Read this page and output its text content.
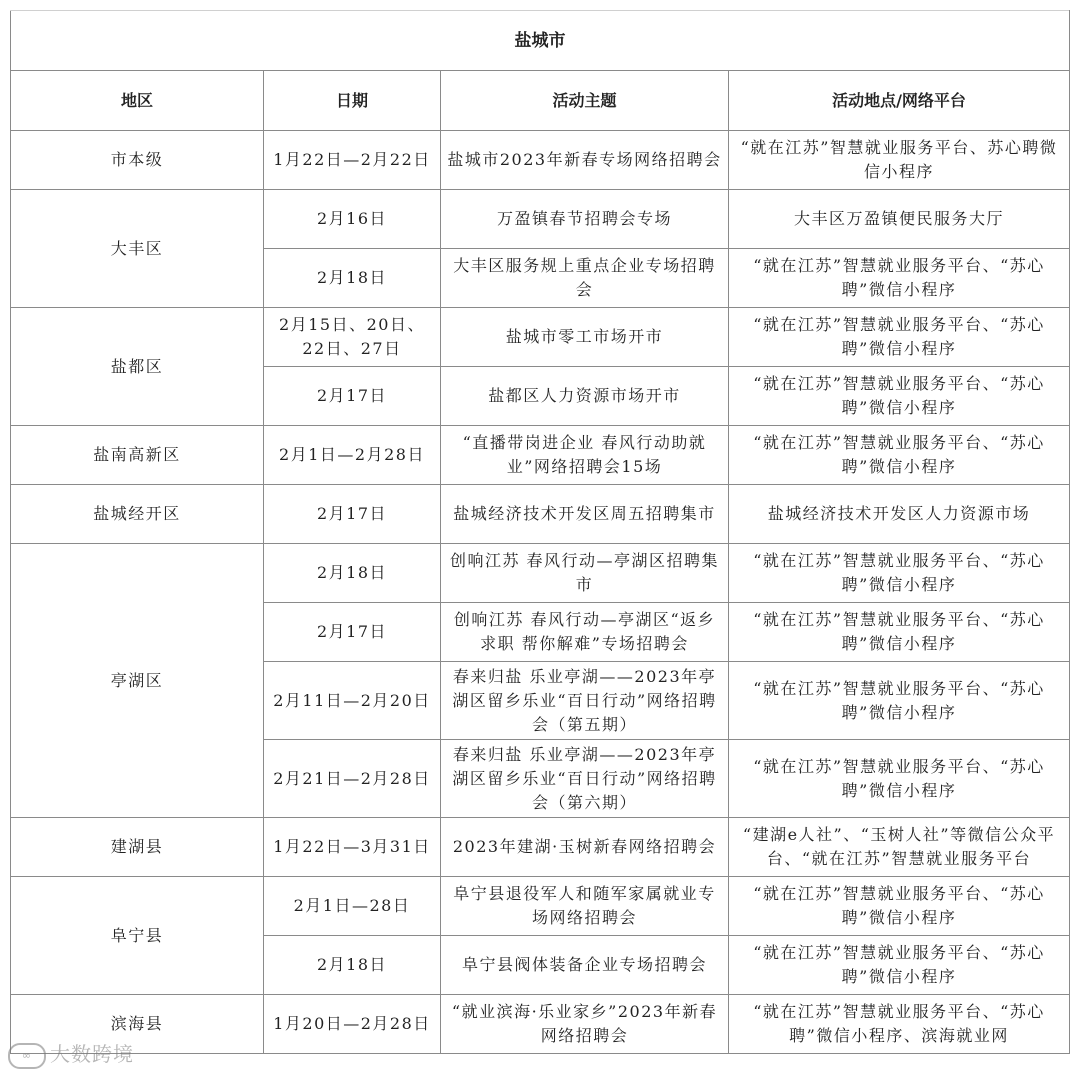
盐城市			
地区	日期	活动主题	活动地点/网络平台
市本级	1月22日—2月22日	盐城市2023年新春专场网络招聘会	“就在江苏”智慧就业服务平台、苏心聘微信小程序
大丰区	2月16日	万盈镇春节招聘会专场	大丰区万盈镇便民服务大厅
	2月18日	大丰区服务规上重点企业专场招聘会	“就在江苏”智慧就业服务平台、“苏心聘”微信小程序
盐都区	2月15日、20日、22日、27日	盐城市零工市场开市	“就在江苏”智慧就业服务平台、“苏心聘”微信小程序
	2月17日	盐都区人力资源市场开市	“就在江苏”智慧就业服务平台、“苏心聘”微信小程序
盐南高新区	2月1日—2月28日	“直播带岗进企业 春风行动助就业”网络招聘会15场	“就在江苏”智慧就业服务平台、“苏心聘”微信小程序
盐城经开区	2月17日	盐城经济技术开发区周五招聘集市	盐城经济技术开发区人力资源市场
亭湖区	2月18日	创响江苏 春风行动—亭湖区招聘集市	“就在江苏”智慧就业服务平台、“苏心聘”微信小程序
	2月17日	创响江苏 春风行动—亭湖区“返乡求职 帮你解难”专场招聘会	“就在江苏”智慧就业服务平台、“苏心聘”微信小程序
	2月11日—2月20日	春来归盐 乐业亭湖——2023年亭湖区留乡乐业“百日行动”网络招聘会（第五期）	“就在江苏”智慧就业服务平台、“苏心聘”微信小程序
	2月21日—2月28日	春来归盐 乐业亭湖——2023年亭湖区留乡乐业“百日行动”网络招聘会（第六期）	“就在江苏”智慧就业服务平台、“苏心聘”微信小程序
建湖县	1月22日—3月31日	2023年建湖·玉树新春网络招聘会	“建湖e人社”、“玉树人社”等微信公众平台、“就在江苏”智慧就业服务平台
阜宁县	2月1日—28日	阜宁县退役军人和随军家属就业专场网络招聘会	“就在江苏”智慧就业服务平台、“苏心聘”微信小程序
	2月18日	阜宁县阀体装备企业专场招聘会	“就在江苏”智慧就业服务平台、“苏心聘”微信小程序
滨海县	1月20日—2月28日	“就业滨海·乐业家乡”2023年新春网络招聘会	“就在江苏”智慧就业服务平台、“苏心聘”微信小程序、滨海就业网
∞ 大数跨境
